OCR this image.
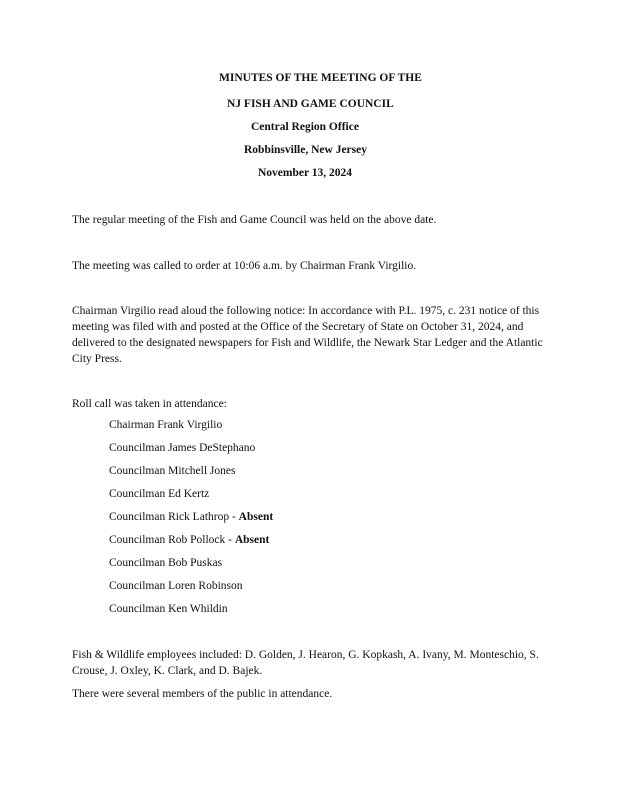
MINUTES OF THE MEETING OF THE
NJ FISH AND GAME COUNCIL
Central Region Office
Robbinsville, New Jersey
November 13, 2024
The regular meeting of the Fish and Game Council was held on the above date.
The meeting was called to order at 10:06 a.m. by Chairman Frank Virgilio.
Chairman Virgilio read aloud the following notice: In accordance with P.L. 1975, c. 231 notice of this meeting was filed with and posted at the Office of the Secretary of State on October 31, 2024, and delivered to the designated newspapers for Fish and Wildlife, the Newark Star Ledger and the Atlantic City Press.
Roll call was taken in attendance:
Chairman Frank Virgilio
Councilman James DeStephano
Councilman Mitchell Jones
Councilman Ed Kertz
Councilman Rick Lathrop - Absent
Councilman Rob Pollock - Absent
Councilman Bob Puskas
Councilman Loren Robinson
Councilman Ken Whildin
Fish & Wildlife employees included: D. Golden, J. Hearon, G. Kopkash, A. Ivany, M. Monteschio, S. Crouse, J. Oxley, K. Clark, and D. Bajek.
There were several members of the public in attendance.
